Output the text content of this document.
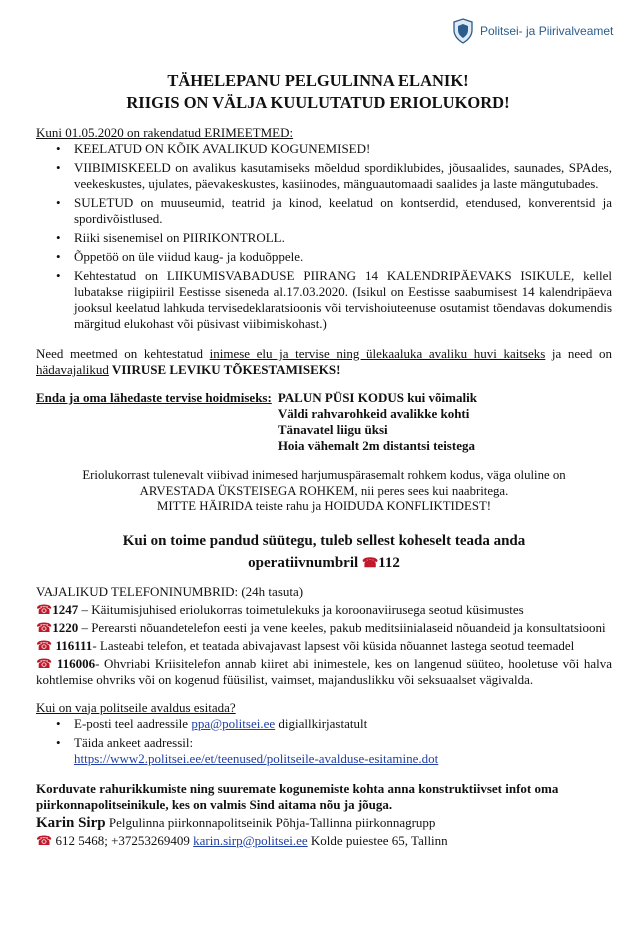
Politsei- ja Piirivalveamet
TÄHELEPANU PELGULINNA ELANIK!
RIIGIS ON VÄLJA KUULUTATUD ERIOLUKORD!
Kuni 01.05.2020 on rakendatud ERIMEETMED:
• KEELATUD ON KÕIK AVALIKUD KOGUNEMISED!
• VIIBIMISKEELD on avalikus kasutamiseks mõeldud spordiklubides, jõusaalides, saunades, SPAdes, veekeskustes, ujulates, päevakeskustes, kasiinodes, mänguautomaadi saalides ja laste mängutubades.
• SULETUD on muuseumid, teatrid ja kinod, keelatud on kontserdid, etendused, konverentsid ja spordivõistlused.
• Riiki sisenemisel on PIIRIKONTROLL.
• Õppetöö on üle viidud kaug- ja koduõppele.
• Kehtestatud on LIIKUMISVABADUSE PIIRANG 14 KALENDRIPÄEVAKS ISIKULE, kellel lubatakse riigipiiril Eestisse siseneda al.17.03.2020. (Isikul on Eestisse saabumisest 14 kalendripäeva jooksul keelatud lahkuda tervisedeklaratsioonis või tervishoiuteenuse osutamist tõendavas dokumendis märgitud elukohast või püsivast viibimiskohast.)
Need meetmed on kehtestatud inimese elu ja tervise ning ülekaaluka avaliku huvi kaitseks ja need on hädavajalikud VIIRUSE LEVIKU TÕKESTAMISEKS!
Enda ja oma lähedaste tervise hoidmiseks: PALUN PÜSI KODUS kui võimalik
Väldi rahvarohkeid avalikke kohti
Tänavatel liigu üksi
Hoia vähemalt 2m distantsi teistega
Eriolukorrast tulenevalt viibivad inimesed harjumuspärasemalt rohkem kodus, väga oluline on
ARVESTADA ÜKSTEISEGA ROHKEM, nii peres sees kui naabritega.
MITTE HÄIRIDA teiste rahu ja HOIDUDA KONFLIKTIDEST!
Kui on toime pandud süütegu, tuleb sellest koheselt teada anda
operatiivnumbril ☎112
VAJALIKUD TELEFONINUMBRID: (24h tasuta)
☎1247 – Käitumisjuhised eriolukorras toimetulekuks ja koroonaviirusega seotud küsimustes
☎1220 – Perearsti nõuandetelefon eesti ja vene keeles, pakub meditsiinialaseid nõuandeid ja konsultatsiooni
☎ 116111- Lasteabi telefon, et teatada abivajavast lapsest või küsida nõuannet lastega seotud teemadel
☎ 116006- Ohvriabi Kriisitelefon annab kiiret abi inimestele, kes on langenud süüteo, hooletuse või halva kohtlemise ohvriks või on kogenud füüsilist, vaimset, majanduslikku või seksuaalset vägivalda.
Kui on vaja politseile avaldus esitada?
• E-posti teel aadressile ppa@politsei.ee digiallkirjastatult
• Täida ankeet aadressil:
https://www2.politsei.ee/et/teenused/politseile-avalduse-esitamine.dot
Korduvate rahurikkumiste ning suuremate kogunemiste kohta anna konstruktiivset infot oma piirkonnapolitseinikule, kes on valmis Sind aitama nõu ja jõuga.
Karin Sirp Pelgulinna piirkonnapolitseinik Põhja-Tallinna piirkonnagrupp
☎ 612 5468; +37253269409 karin.sirp@politsei.ee Kolde puiestee 65, Tallinn
